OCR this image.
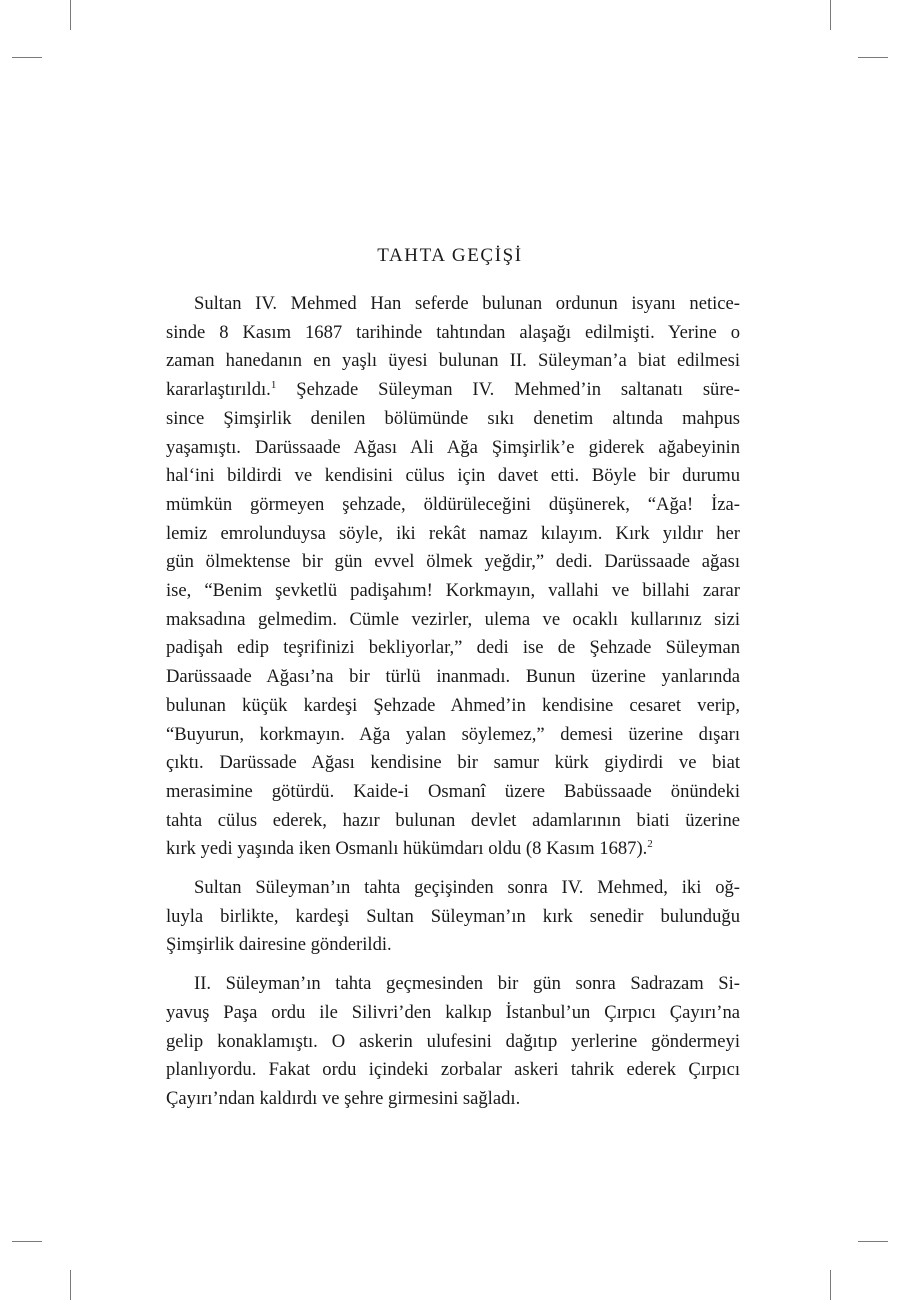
TAHTA GEÇİŞİ

Sultan IV. Mehmed Han seferde bulunan ordunun isyanı netice-
sinde 8 Kasım 1687 tarihinde tahtından alaşağı edilmişti. Yerine o
zaman hanedanın en yaşlı üyesi bulunan II. Süleyman’a biat edilmesi
kararlaştırıldı.$^1$ Şehzade Süleyman IV. Mehmed’in saltanatı süre-
since Şimşirlik denilen bölümünde sıkı denetim altında mahpus
yaşamıştı. Darüssaade Ağası Ali Ağa Şimşirlik’e giderek ağabeyinin
hal‘ini bildirdi ve kendisini cülus için davet etti. Böyle bir durumu
mümkün görmeyen şehzade, öldürüleceğini düşünerek, “Ağa! İza-
lemiz emrolunduysa söyle, iki rekât namaz kılayım. Kırk yıldır her
gün ölmektense bir gün evvel ölmek yeğdir,” dedi. Darüssaade ağası
ise, “Benim şevketlü padişahım! Korkmayın, vallahi ve billahi zarar
maksadına gelmedim. Cümle vezirler, ulema ve ocaklı kullarınız sizi
padişah edip teşrifinizi bekliyorlar,” dedi ise de Şehzade Süleyman
Darüssaade Ağası’na bir türlü inanmadı. Bunun üzerine yanlarında
bulunan küçük kardeşi Şehzade Ahmed’in kendisine cesaret verip,
“Buyurun, korkmayın. Ağa yalan söylemez,” demesi üzerine dışarı
çıktı. Darüssade Ağası kendisine bir samur kürk giydirdi ve biat
merasimine götürdü. Kaide-i Osmanî üzere Babüssaade önündeki
tahta cülus ederek, hazır bulunan devlet adamlarının biati üzerine
kırk yedi yaşında iken Osmanlı hükümdarı oldu (8 Kasım 1687).$^2$

Sultan Süleyman’ın tahta geçişinden sonra IV. Mehmed, iki oğ-
luyla birlikte, kardeşi Sultan Süleyman’ın kırk senedir bulunduğu
Şimşirlik dairesine gönderildi.

II. Süleyman’ın tahta geçmesinden bir gün sonra Sadrazam Si-
yavuş Paşa ordu ile Silivri’den kalkıp İstanbul’un Çırpıcı Çayırı’na
gelip konaklamıştı. O askerin ulufesini dağıtıp yerlerine göndermeyi
planlıyordu. Fakat ordu içindeki zorbalar askeri tahrik ederek Çırpıcı
Çayırı’ndan kaldırdı ve şehre girmesini sağladı.
